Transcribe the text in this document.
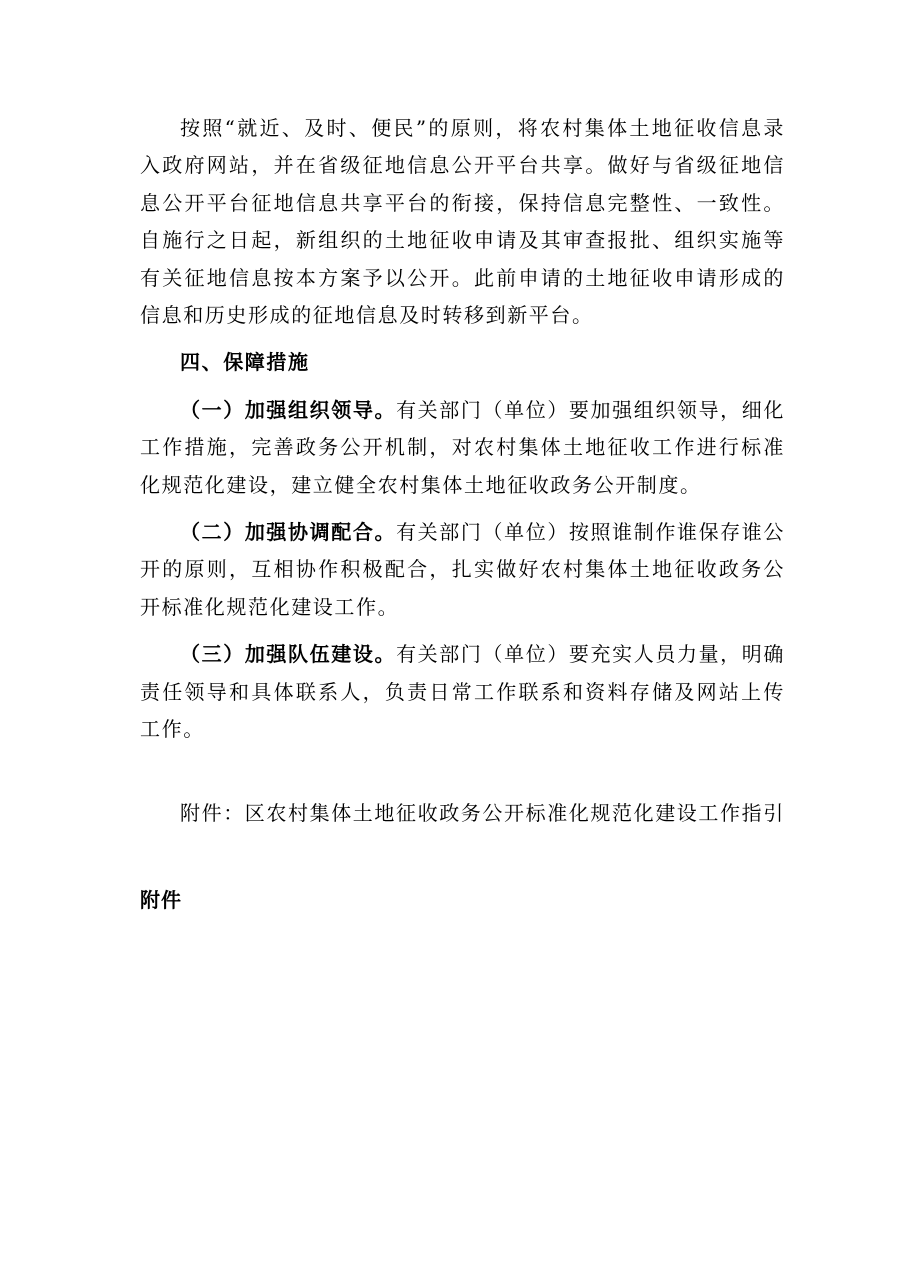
按照“就近、及时、便民”的原则，将农村集体土地征收信息录入政府网站，并在省级征地信息公开平台共享。做好与省级征地信息公开平台征地信息共享平台的衔接，保持信息完整性、一致性。自施行之日起，新组织的土地征收申请及其审查报批、组织实施等有关征地信息按本方案予以公开。此前申请的土地征收申请形成的信息和历史形成的征地信息及时转移到新平台。

四、保障措施

（一）加强组织领导。有关部门（单位）要加强组织领导，细化工作措施，完善政务公开机制，对农村集体土地征收工作进行标准化规范化建设，建立健全农村集体土地征收政务公开制度。

（二）加强协调配合。有关部门（单位）按照谁制作谁保存谁公开的原则，互相协作积极配合，扎实做好农村集体土地征收政务公开标准化规范化建设工作。

（三）加强队伍建设。有关部门（单位）要充实人员力量，明确责任领导和具体联系人，负责日常工作联系和资料存储及网站上传工作。

附件：区农村集体土地征收政务公开标准化规范化建设工作指引

附件
